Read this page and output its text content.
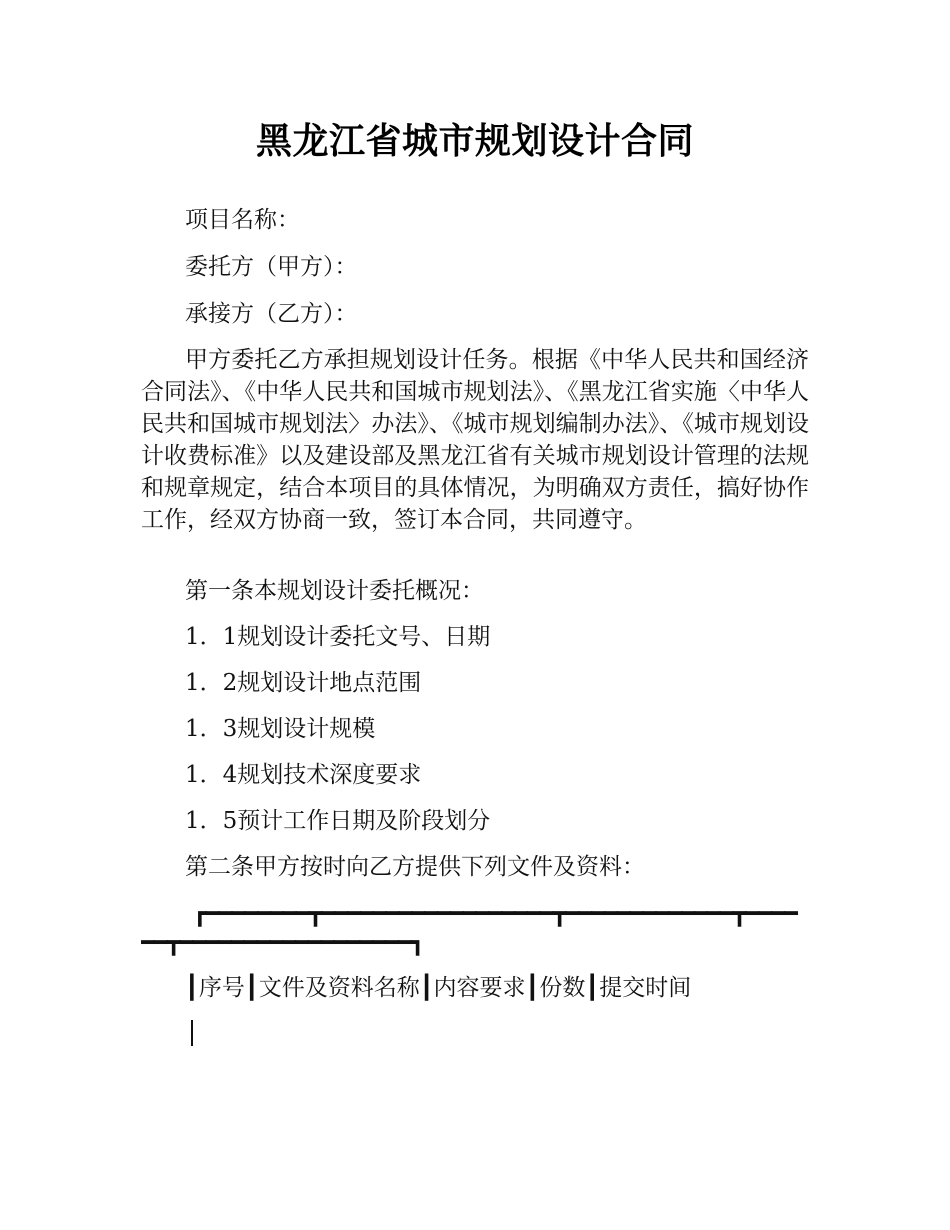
黑龙江省城市规划设计合同
项目名称：
委托方（甲方）：
承接方（乙方）：

甲方委托乙方承担规划设计任务。根据《中华人民共和国经济合同法》、《中华人民共和国城市规划法》、《黑龙江省实施〈中华人民共和国城市规划法〉办法》、《城市规划编制办法》、《城市规划设计收费标准》以及建设部及黑龙江省有关城市规划设计管理的法规和规章规定，结合本项目的具体情况，为明确双方责任，搞好协作工作，经双方协商一致，签订本合同，共同遵守。

第一条本规划设计委托概况：
1．1规划设计委托文号、日期
1．2规划设计地点范围
1．3规划设计规模
1．4规划技术深度要求
1．5预计工作日期及阶段划分
第二条甲方按时向乙方提供下列文件及资料：
┏━━━━━━━━┳━━━━━━━━━━━━━━━━━━┳━━━━━━━━━━━━━┳━━━━
━━┳━━━━━━━━━━━━━━━━━━┓
┃序号┃文件及资料名称┃内容要求┃份数┃提交时间
